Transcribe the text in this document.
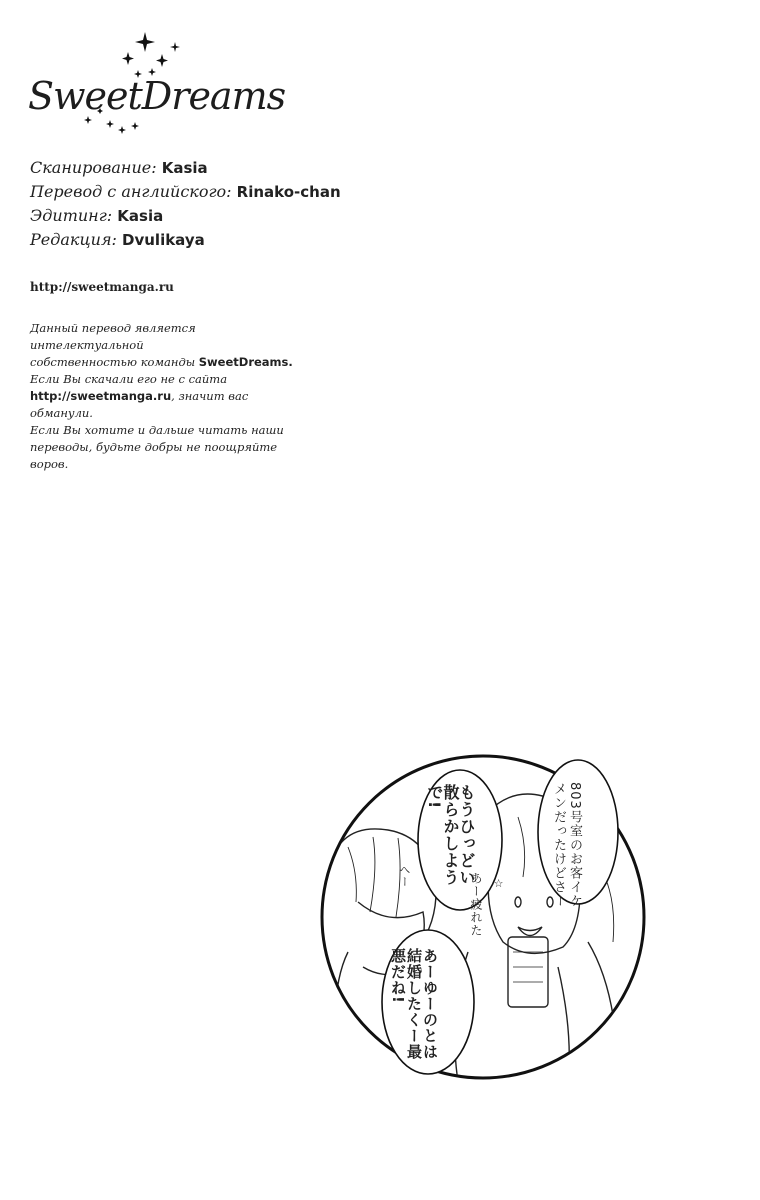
SweetDreams
Сканирование: Kasia
Перевод с английского: Rinako-chan
Эдитинг: Kasia
Редакция: Dvulikaya
http://sweetmanga.ru
Данный перевод является интелектуальной
собственностью команды SweetDreams.
Если Вы скачали его не с сайта
http://sweetmanga.ru, значит вас обманули.
Если Вы хотите и дальше читать наши
переводы, будьте добры не поощряйте воров.
803号室のお客イケメンだったけどさー
もうひっどい散らかしようで!
あーゆーのとは結婚したくー最悪だね!
あー疲れた ☆
へー
